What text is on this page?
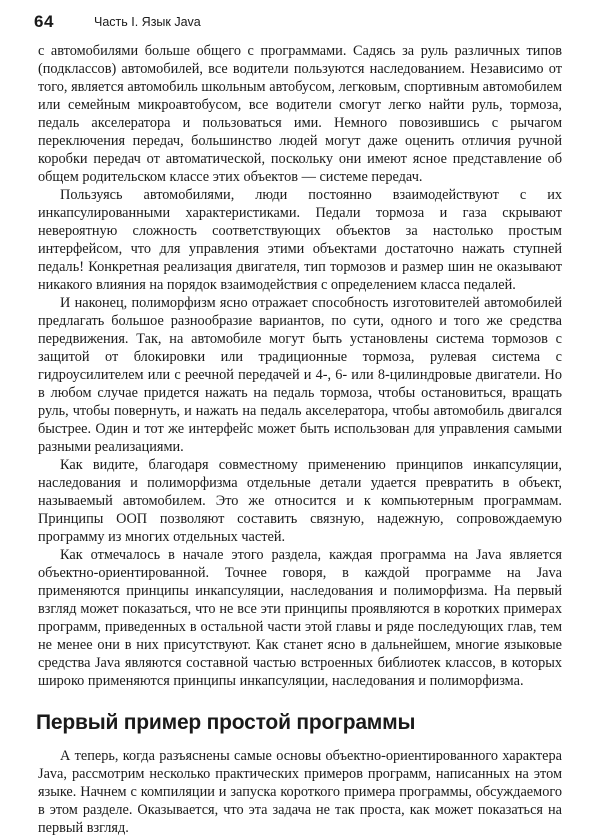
64	Часть I. Язык Java

с автомобилями больше общего с программами. Садясь за руль различных типов (подклассов) автомобилей, все водители пользуются наследованием. Независимо от того, является автомобиль школьным автобусом, легковым, спортивным автомобилем или семейным микроавтобусом, все водители смогут легко найти руль, тормоза, педаль акселератора и пользоваться ими. Немного повозившись с рычагом переключения передач, большинство людей могут даже оценить отличия ручной коробки передач от автоматической, поскольку они имеют ясное представление об общем родительском классе этих объектов — системе передач.

Пользуясь автомобилями, люди постоянно взаимодействуют с их инкапсулированными характеристиками. Педали тормоза и газа скрывают невероятную сложность соответствующих объектов за настолько простым интерфейсом, что для управления этими объектами достаточно нажать ступней педаль! Конкретная реализация двигателя, тип тормозов и размер шин не оказывают никакого влияния на порядок взаимодействия с определением класса педалей.

И наконец, полиморфизм ясно отражает способность изготовителей автомобилей предлагать большое разнообразие вариантов, по сути, одного и того же средства передвижения. Так, на автомобиле могут быть установлены система тормозов с защитой от блокировки или традиционные тормоза, рулевая система с гидроусилителем или с реечной передачей и 4-, 6- или 8-цилиндровые двигатели. Но в любом случае придется нажать на педаль тормоза, чтобы остановиться, вращать руль, чтобы повернуть, и нажать на педаль акселератора, чтобы автомобиль двигался быстрее. Один и тот же интерфейс может быть использован для управления самыми разными реализациями.

Как видите, благодаря совместному применению принципов инкапсуляции, наследования и полиморфизма отдельные детали удается превратить в объект, называемый автомобилем. Это же относится и к компьютерным программам. Принципы ООП позволяют составить связную, надежную, сопровождаемую программу из многих отдельных частей.

Как отмечалось в начале этого раздела, каждая программа на Java является объектно-ориентированной. Точнее говоря, в каждой программе на Java применяются принципы инкапсуляции, наследования и полиморфизма. На первый взгляд может показаться, что не все эти принципы проявляются в коротких примерах программ, приведенных в остальной части этой главы и ряде последующих глав, тем не менее они в них присутствуют. Как станет ясно в дальнейшем, многие языковые средства Java являются составной частью встроенных библиотек классов, в которых широко применяются принципы инкапсуляции, наследования и полиморфизма.

Первый пример простой программы

А теперь, когда разъяснены самые основы объектно-ориентированного характера Java, рассмотрим несколько практических примеров программ, написанных на этом языке. Начнем с компиляции и запуска короткого примера программы, обсуждаемого в этом разделе. Оказывается, что эта задача не так проста, как может показаться на первый взгляд.
